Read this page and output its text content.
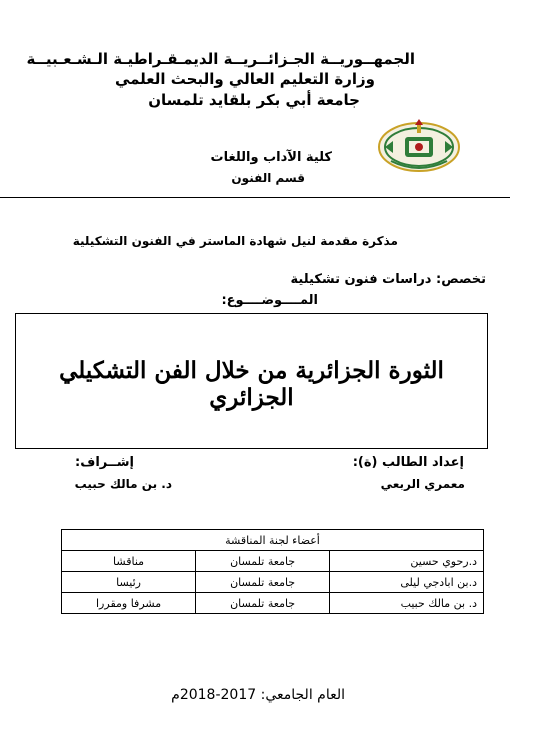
الجمهــوريــة الجـزائــريــة الديمـقـراطيـة الـشـعـبيــة
وزارة التعليم العالي والبحث العلمي
جامعة أبي بكر بلقايد تلمسان
كلية الآداب واللغات
قسم الفنون
مذكرة مقدمة لنيل شهادة الماستر في الفنون التشكيلية
تخصص: دراسات فنون تشكيلية
المــــوضــــوع:
الثورة الجزائرية من خلال الفن التشكيلي الجزائري
إعداد الطالب (ة):
معمري الربعي
إشــراف:
د. بن مالك حبيب
أعضاء لجنة المناقشة		
د.رحوي حسين	جامعة تلمسان	مناقشا
د.بن ابادجي ليلى	جامعة تلمسان	رئيسا
د. بن مالك حبيب	جامعة تلمسان	مشرفا ومقررا
العام الجامعي: 2017-2018م
